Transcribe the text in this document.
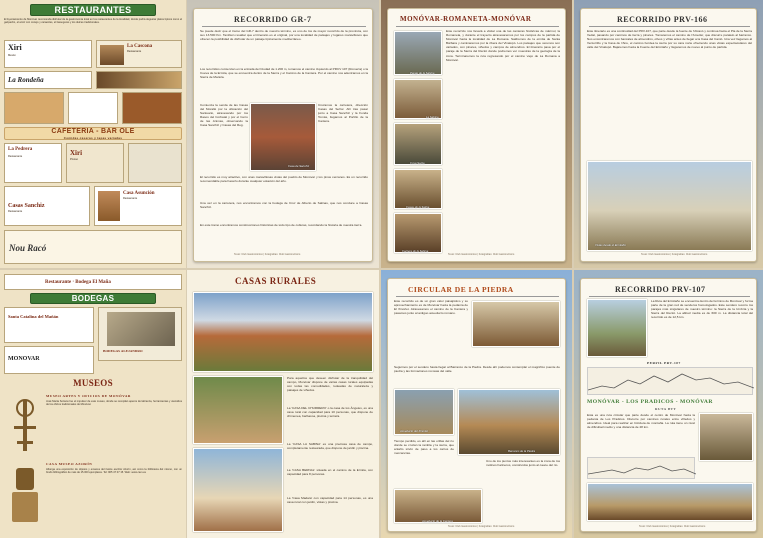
RESTAURANTES
El Ayuntamiento de Monóvar recomienda disfrutar de la gastronomía local en los restaurantes de la localidad, donde podrá degustar platos típicos como el gazpacho, el arroz con conejo y caracoles, el fassegures y los dulces tradicionales.
Xiri
Mesón
La Cascona
Restaurante
La Rondeña
CAFETERIA - BAR OLE
Comidas caseras y tapas variadas
La Pedrera
Restaurante	Xiri
Pinoso
Casas Sanchiz
Restaurante
Casa Asunción
Restaurante
Nou Racó
Restaurante · Bodega El Maña
BODEGAS
Santa Catalina del Mañán
BODEGAS ALEJANDRO
MONOVAR
MUSEOS
MUSEO ARTES Y OFICIOS DE MONÓVAR
José María Soriano fue el impulsor de este museo, donde se recopilan aperos de labranza, herramientas y utensilios de los oficios tradicionales de Monóvar.
CASA MUSEO AZORÍN
Alberga una exposición de objetos y enseres del ilustre escritor Azorín, así como la biblioteca del mismo, con un fondo bibliográfico de más de 15.000 ejemplares. Tel: 965 47 07 15. Web: www.cam.es
RECORRIDO GR-7
Se puede decir que el tramo del GR-7 dentro de nuestro término, es uno de los de mayor recorrido de la provincia, con sus 13.500 Km. También resaltar que el itinerario es el original, por una localidad de paisajes y lugares maravillosos que ofrecen la posibilidad de disfrutar de un paisaje típicamente mediterráneo.
Los recorridos comienzan en la entrada del Ciudad de 1.200 m, tomamos el camino izquierdo al PRCV 107 (Romería) o la Cueva de la Ermita, que se encuentra dentro de la Sierra y el Camino de la Cantera. Por el camino nos adentramos en la Sierra de Mariola.
Comienza la senda de las Casas del Morallé por la ubicación del Santuario, atravesando por los Rasos del Corbatal y por el Cerro de las Animas, observando la Casa Sanchiz y Casas del Reg.
Casa de Sanchiz
Cruzamos la carretera, dirección Casas del Señor. Allí tras pasar junto a Casa Sanchiz y la Fonda Tomás, llegamos al Portillo de la Cantera.
El recorrido es muy atractivo, con unas maravillosas vistas del pueblo de Monóvar y los pinos cercanos. Es un recorrido recomendable para hacerlo durante cualquier estación del año.
Una vez en la carretera, nos encontramos con la bodega de Cruz de Alberto de Salinas, que nos conduce a Casas Sanchiz.
En este tramo encontramos construcciones históricas de todo tipo de culturas, recordando la historia de nuestra tierra.
Texto: Club Gastronómico | Fotografías: Club Gastronómico
MONÓVAR-ROMANETA-MONÓVAR
Este recorrido nos llevará a visitar una de las canteras históricas de mármol, la Romaneta, y durante el trayecto atravesaremos por los campos de la partida de Monóvar hacia la localidad de La Romana. Saldremos de la ermita de Santa Bárbara y caminaremos por la ribera del Vinalopó. Los paisajes que veremos son variados, con pinares, viñedos y campos de almendros. El itinerario pasa por el paraje de la Sierra del Reclot donde podremos ver muestras de la geología de la zona. Terminaremos la ruta regresando por el camino viejo de La Romana a Monóvar.
Paraje de la Sabina
La Sabina
Cova Santa
Casas de la Salina
Cantera de la Sabina
Texto: Club Gastronómico | Fotografías: Club Gastronómico
RECORRIDO PRV-166
Este itinerario es una continuidad del PRV-107, que parte desde la fuente de l'Alcavó y continua hacia el Pla de la Sierra Vedat, pasando por caminos de tierra y pinares. Tomaremos el camino de l'Ametler, que discurre paralelo al barranco. Nos encontraremos con bancales de almendros, olivos y viñas antes de llegar a la Casa del Cantó. Una vez llegamos al Ventorrillo y la Casa de l'Aire, el camino bordea la sierra por su cara norte ofreciendo unas vistas espectaculares del valle del Vinalopó. Bajaremos hacia la Fuente del Ermitaño y llegaremos de nuevo al punto de partida.
Vistas desde el Ermitaño
Texto: Club Gastronómico | Fotografías: Club Gastronómico
CASAS RURALES
Para aquellos que deseen disfrutar de la tranquilidad del campo, Monóvar dispone de varias casas rurales equipadas con todas las comodidades, rodeadas de naturaleza y paisajes de viñedos.
La 'CASA DEL CHURRERO' o la casa de los Ángeles, es una casa rural con capacidad para 10 personas, que dispone de chimenea, barbacoa, piscina y terraza.
La 'CASA LA SABINA' es una preciosa casa de campo, completamente restaurada, que dispone de jardín y piscina.
La 'CASA BERNAL' situada en el camino de la Ermita, con capacidad para 8 personas.
La 'Casa Madara' con capacidad para 14 personas, es una casa rural con jardín, vistas y piscina.
CIRCULAR DE LA PIEDRA
Este recorrido es de un gran valor paisajístico y su aprovechamiento es de Monóvar hacia la pedanía de El Xinorlet. Atravesamos el camino de la Cantera y pasamos junto al antiguo acueducto romano.
Seguimos por el sendero hasta llegar al Barranco de la Piedra. Desde ahí podemos contemplar el magnífico puente de piedra y las formaciones rocosas del valle.
Acueducto del Xinorlet
Barranco de la Piedra
Tiempo perdido, es allí en las orillas del río donde se cruzan la rambla y la sierra, que antaño sirvió de paso a los carros de mercancías.
Acueducto de la Cantera
Uno de los puntos más interesantes es la zona de los molinos harineros, construidos junto al cauce del río.
Texto: Club Gastronómico | Fotografías: Club Gastronómico
RECORRIDO PRV-107
La Ruta del Ermitaño se encuentra dentro del término de Monóvar y forma parte de la gran red de senderos homologados. Este sendero recorre los parajes más singulares de nuestro término: la Sierra de la Umbría y la Sierra del Reclot. La altitud media es de 600 m. La distancia total del recorrido es de 12,5 km.
PERFIL PRV-107
MONÓVAR - LOS PRADICOS - MONÓVAR
RUTA BTT
Esta es una ruta circular que parte desde el centro de Monóvar hacia la pedanía de Los Pradicos. Discurre por caminos rurales entre viñedos y almendros. Ideal para realizar en bicicleta de montaña. La ruta tiene un nivel de dificultad medio y una distancia de 28 km.
Texto: Club Gastronómico | Fotografías: Club Gastronómico
